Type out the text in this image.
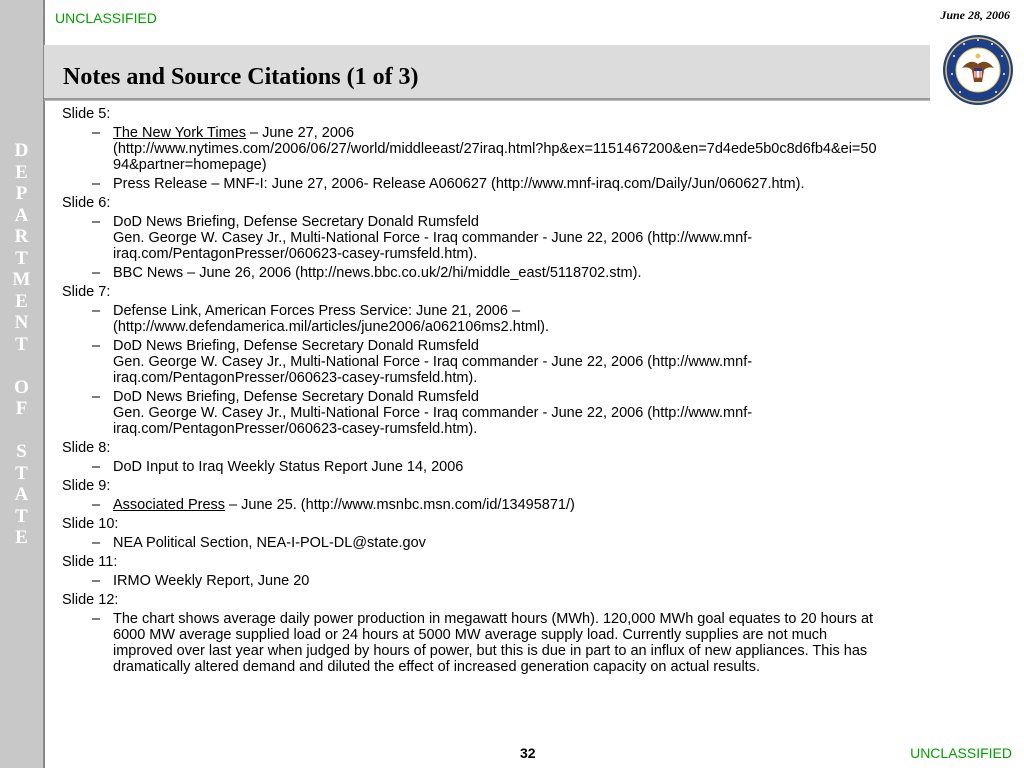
D
E
P
A
R
T
M
E
N
T
O
F
S
T
A
T
E
UNCLASSIFIED	June 28, 2006
Notes and Source Citations (1 of 3)
Slide 5:
– The New York Times – June 27, 2006
(http://www.nytimes.com/2006/06/27/world/middleeast/27iraq.html?hp&ex=1151467200&en=7d4ede5b0c8d6fb4&ei=50
94&partner=homepage)
– Press Release – MNF-I: June 27, 2006- Release A060627 (http://www.mnf-iraq.com/Daily/Jun/060627.htm).
Slide 6:
– DoD News Briefing, Defense Secretary Donald Rumsfeld
Gen. George W. Casey Jr., Multi-National Force - Iraq commander - June 22, 2006 (http://www.mnf-
iraq.com/PentagonPresser/060623-casey-rumsfeld.htm).
– BBC News – June 26, 2006 (http://news.bbc.co.uk/2/hi/middle_east/5118702.stm).
Slide 7:
– Defense Link, American Forces Press Service: June 21, 2006 –
(http://www.defendamerica.mil/articles/june2006/a062106ms2.html).
– DoD News Briefing, Defense Secretary Donald Rumsfeld
Gen. George W. Casey Jr., Multi-National Force - Iraq commander - June 22, 2006 (http://www.mnf-
iraq.com/PentagonPresser/060623-casey-rumsfeld.htm).
– DoD News Briefing, Defense Secretary Donald Rumsfeld
Gen. George W. Casey Jr., Multi-National Force - Iraq commander - June 22, 2006 (http://www.mnf-
iraq.com/PentagonPresser/060623-casey-rumsfeld.htm).
Slide 8:
– DoD Input to Iraq Weekly Status Report June 14, 2006
Slide 9:
– Associated Press – June 25. (http://www.msnbc.msn.com/id/13495871/)
Slide 10:
– NEA Political Section, NEA-I-POL-DL@state.gov
Slide 11:
– IRMO Weekly Report, June 20
Slide 12:
– The chart shows average daily power production in megawatt hours (MWh). 120,000 MWh goal equates to 20 hours at
6000 MW average supplied load or 24 hours at 5000 MW average supply load. Currently supplies are not much
improved over last year when judged by hours of power, but this is due in part to an influx of new appliances. This has
dramatically altered demand and diluted the effect of increased generation capacity on actual results.
32	UNCLASSIFIED
